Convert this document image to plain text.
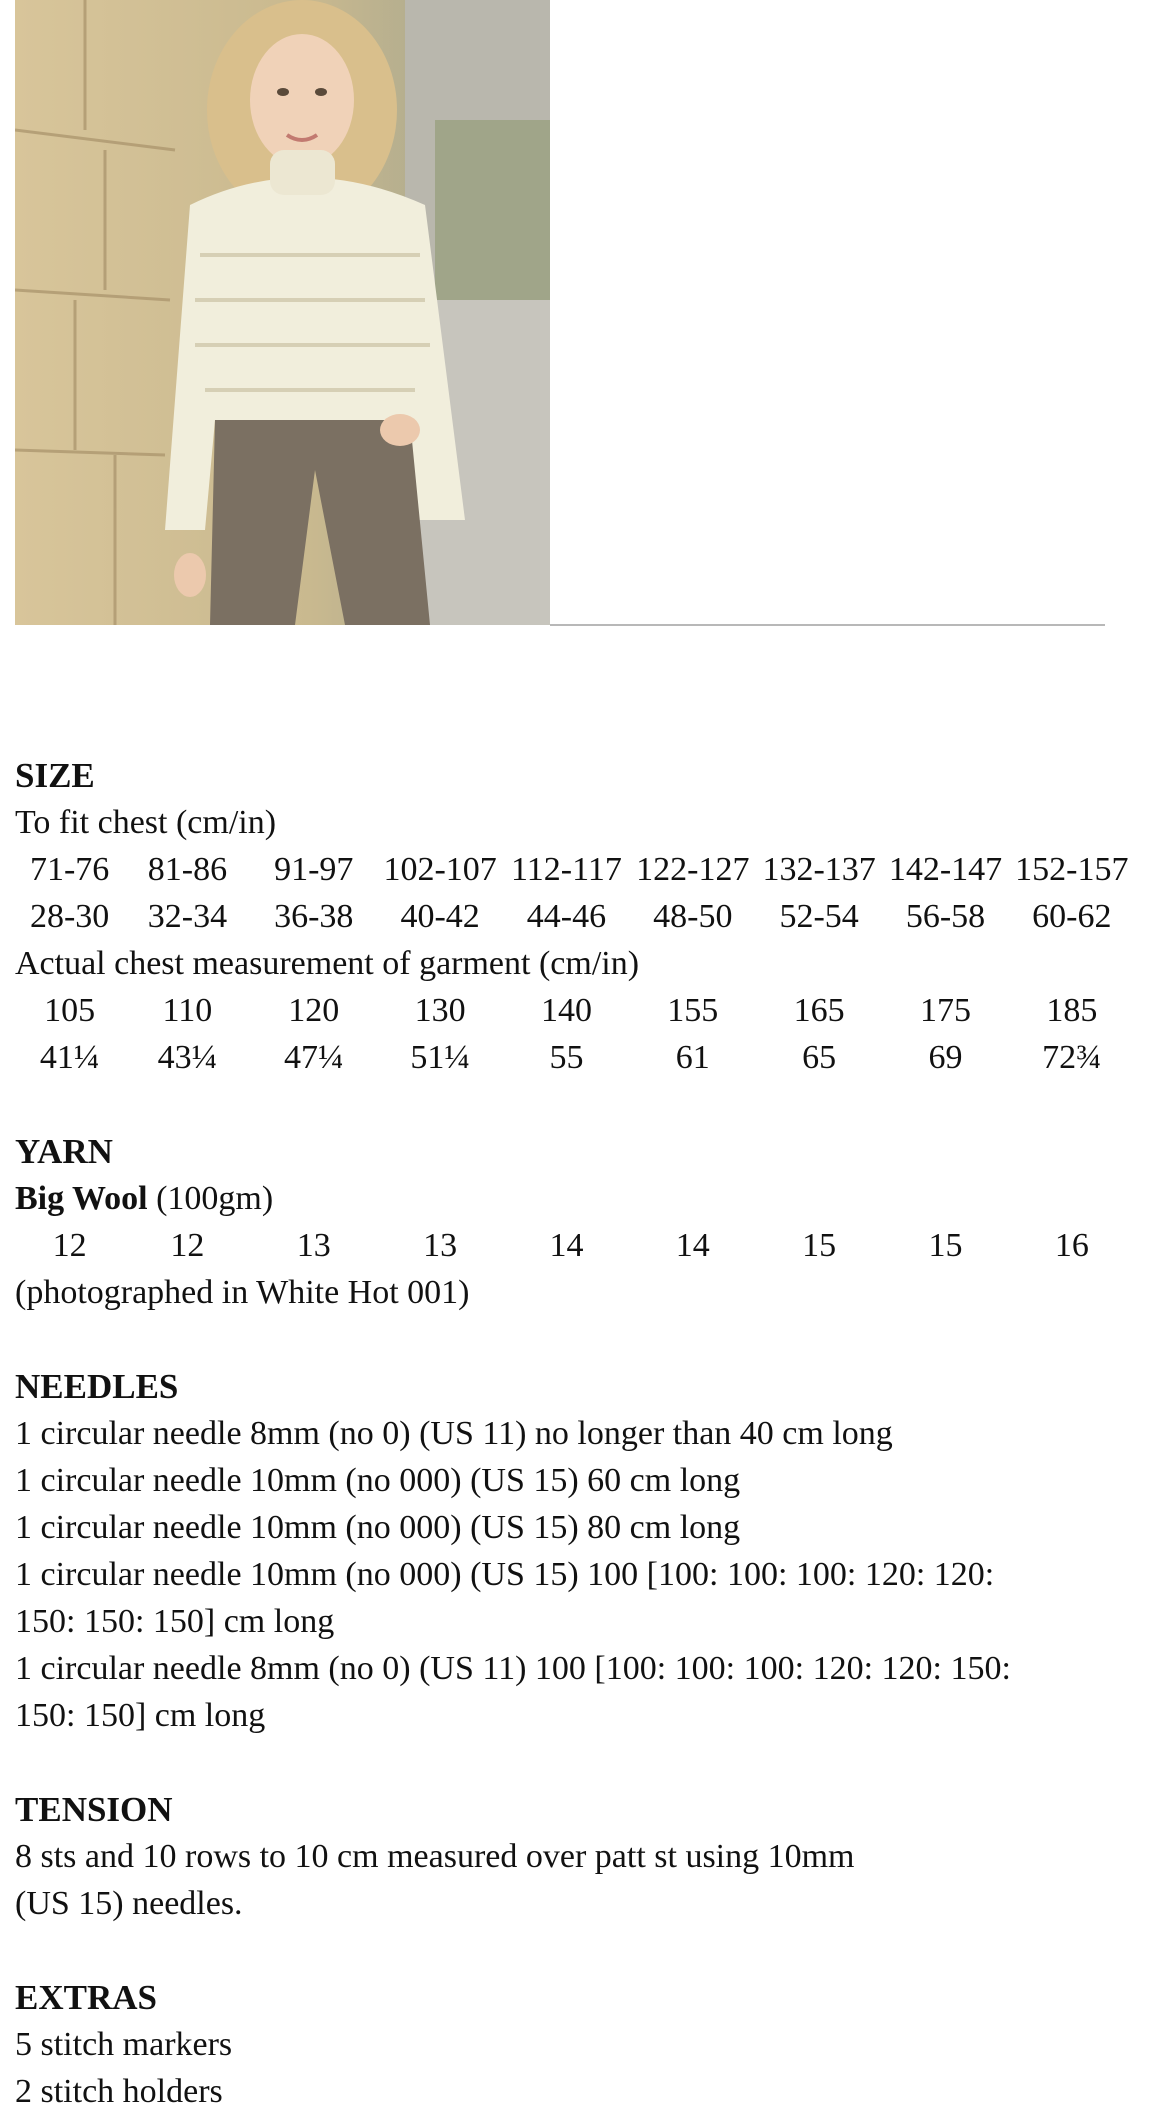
SIZE
To fit chest (cm/in)
71-76	81-86	91-97 102-107 112-117 122-127 132-137 142-147 152-157
28-30	32-34	36-38	40-42	44-46	48-50	52-54	56-58	60-62
Actual chest measurement of garment (cm/in)
105	110	120	130	140	155	165	175	185
41¼	43¼	47¼	51¼	55	61	65	69	72¾
YARN
Big Wool (100gm)
12	12	13	13	14	14	15	15	16
(photographed in White Hot 001)
NEEDLES
1 circular needle 8mm (no 0) (US 11) no longer than 40 cm long
1 circular needle 10mm (no 000) (US 15) 60 cm long
1 circular needle 10mm (no 000) (US 15) 80 cm long
1 circular needle 10mm (no 000) (US 15) 100 [100: 100: 100: 120: 120:
150: 150: 150] cm long
1 circular needle 8mm (no 0) (US 11) 100 [100: 100: 100: 120: 120: 150:
150: 150] cm long
TENSION
8 sts and 10 rows to 10 cm measured over patt st using 10mm
(US 15) needles.
EXTRAS
5 stitch markers
2 stitch holders
